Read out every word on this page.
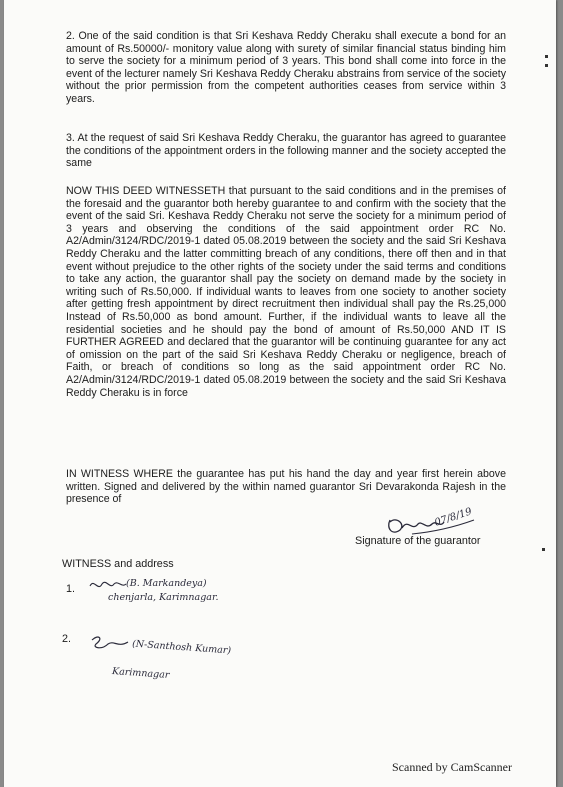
2. One of the said condition is that Sri Keshava Reddy Cheraku shall execute a bond for an amount of Rs.50000/- monitory value along with surety of similar financial status binding him to serve the society for a minimum period of 3 years. This bond shall come into force in the event of the lecturer namely Sri Keshava Reddy Cheraku abstrains from service of the society without the prior permission from the competent authorities ceases from service within 3 years.
3. At the request of said Sri Keshava Reddy Cheraku, the guarantor has agreed to guarantee the conditions of the appointment orders in the following manner and the society accepted the same
NOW THIS DEED WITNESSETH that pursuant to the said conditions and in the premises of the foresaid and the guarantor both hereby guarantee to and confirm with the society that the event of the said Sri. Keshava Reddy Cheraku not serve the society for a minimum period of 3 years and observing the conditions of the said appointment order RC No. A2/Admin/3124/RDC/2019-1 dated 05.08.2019 between the society and the said Sri Keshava Reddy Cheraku and the latter committing breach of any conditions, there off then and in that event without prejudice to the other rights of the society under the said terms and conditions to take any action, the guarantor shall pay the society on demand made by the society in writing such of Rs.50,000. If individual wants to leaves from one society to another society after getting fresh appointment by direct recruitment then individual shall pay the Rs.25,000 Instead of Rs.50,000 as bond amount. Further, if the individual wants to leave all the residential societies and he should pay the bond of amount of Rs.50,000 AND IT IS FURTHER AGREED and declared that the guarantor will be continuing guarantee for any act of omission on the part of the said Sri Keshava Reddy Cheraku or negligence, breach of Faith, or breach of conditions so long as the said appointment order RC No. A2/Admin/3124/RDC/2019-1 dated 05.08.2019 between the society and the said Sri Keshava Reddy Cheraku is in force
IN WITNESS WHERE the guarantee has put his hand the day and year first herein above written. Signed and delivered by the within named guarantor Sri Devarakonda Rajesh in the presence of
07/8/19
Signature of the guarantor
WITNESS and address
1.	(B. Markandeya)
chenjarla, Karimnagar.
2.	(N-Santhosh Kumar)
Karimnagar
Scanned by CamScanner
